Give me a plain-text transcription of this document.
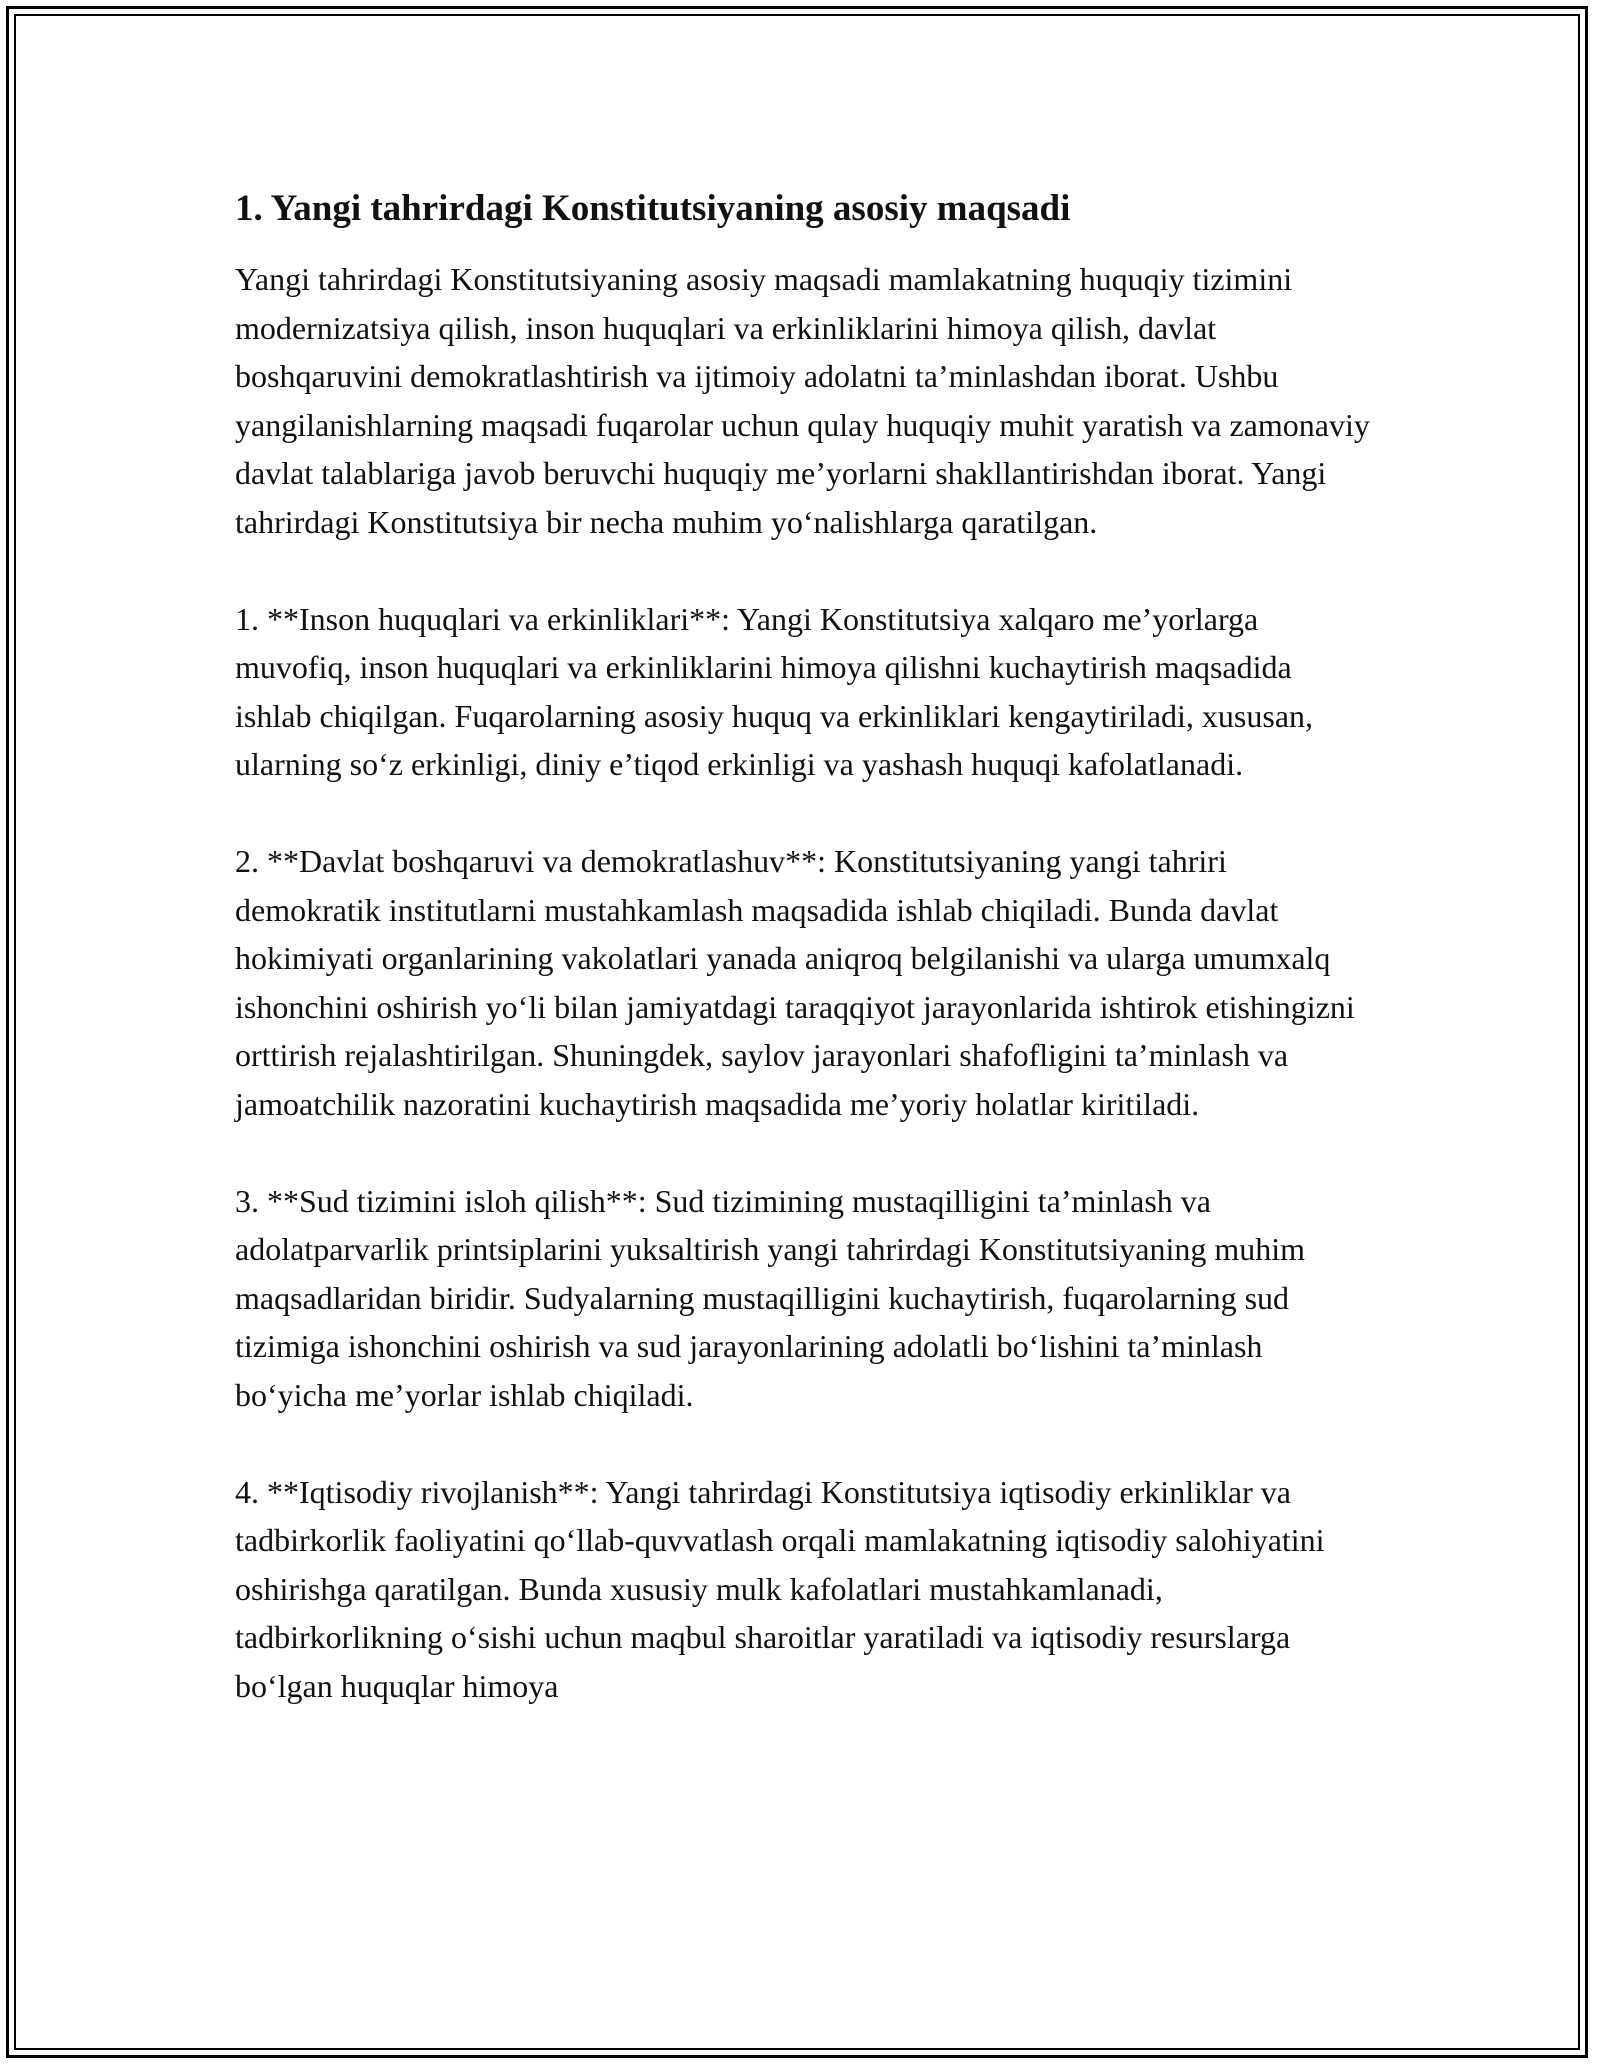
1. Yangi tahrirdagi Konstitutsiyaning asosiy maqsadi
Yangi tahrirdagi Konstitutsiyaning asosiy maqsadi mamlakatning huquqiy tizimini modernizatsiya qilish, inson huquqlari va erkinliklarini himoya qilish, davlat boshqaruvini demokratlashtirish va ijtimoiy adolatni ta’minlashdan iborat. Ushbu yangilanishlarning maqsadi fuqarolar uchun qulay huquqiy muhit yaratish va zamonaviy davlat talablariga javob beruvchi huquqiy me’yorlarni shakllantirishdan iborat. Yangi tahrirdagi Konstitutsiya bir necha muhim yo‘nalishlarga qaratilgan.
1. **Inson huquqlari va erkinliklari**: Yangi Konstitutsiya xalqaro me’yorlarga muvofiq, inson huquqlari va erkinliklarini himoya qilishni kuchaytirish maqsadida ishlab chiqilgan. Fuqarolarning asosiy huquq va erkinliklari kengaytiriladi, xususan, ularning so‘z erkinligi, diniy e’tiqod erkinligi va yashash huquqi kafolatlanadi.
2. **Davlat boshqaruvi va demokratlashuv**: Konstitutsiyaning yangi tahriri demokratik institutlarni mustahkamlash maqsadida ishlab chiqiladi. Bunda davlat hokimiyati organlarining vakolatlari yanada aniqroq belgilanishi va ularga umumxalq ishonchini oshirish yo‘li bilan jamiyatdagi taraqqiyot jarayonlarida ishtirok etishingizni orttirish rejalashtirilgan. Shuningdek, saylov jarayonlari shafofligini ta’minlash va jamoatchilik nazoratini kuchaytirish maqsadida me’yoriy holatlar kiritiladi.
3. **Sud tizimini isloh qilish**: Sud tizimining mustaqilligini ta’minlash va adolatparvarlik printsiplarini yuksaltirish yangi tahrirdagi Konstitutsiyaning muhim maqsadlaridan biridir. Sudyalarning mustaqilligini kuchaytirish, fuqarolarning sud tizimiga ishonchini oshirish va sud jarayonlarining adolatli bo‘lishini ta’minlash bo‘yicha me’yorlar ishlab chiqiladi.
4. **Iqtisodiy rivojlanish**: Yangi tahrirdagi Konstitutsiya iqtisodiy erkinliklar va tadbirkorlik faoliyatini qo‘llab-quvvatlash orqali mamlakatning iqtisodiy salohiyatini oshirishga qaratilgan. Bunda xususiy mulk kafolatlari mustahkamlanadi, tadbirkorlikning o‘sishi uchun maqbul sharoitlar yaratiladi va iqtisodiy resurslarga bo‘lgan huquqlar himoya
